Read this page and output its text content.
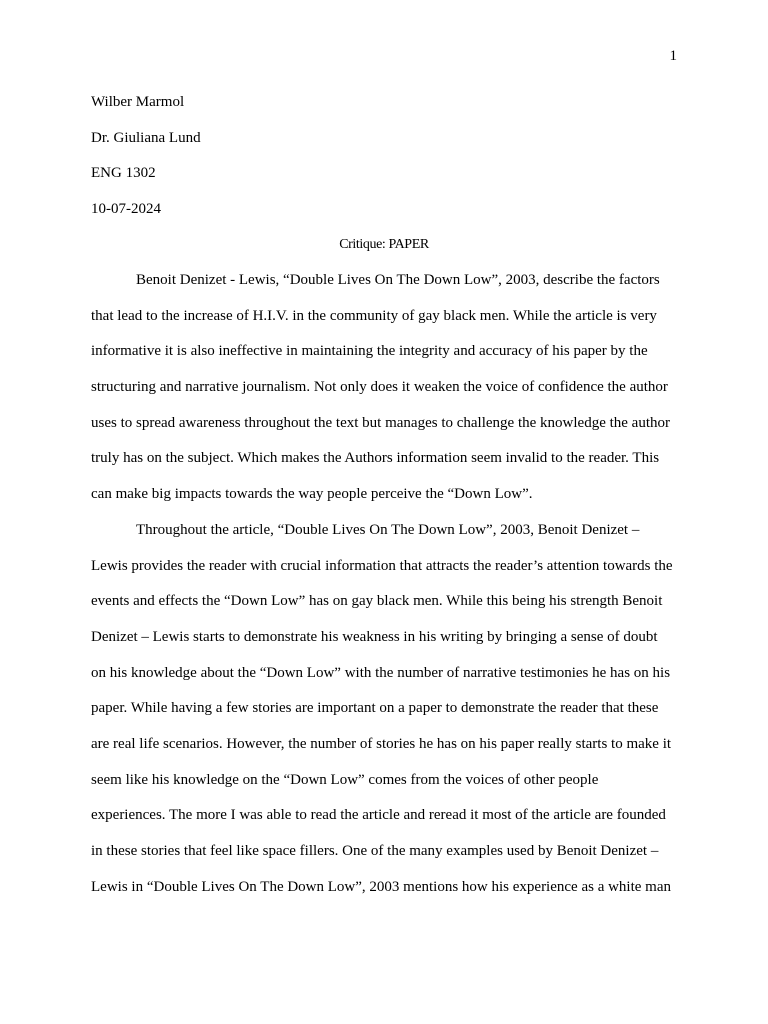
1
Wilber Marmol
Dr. Giuliana Lund
ENG 1302
10-07-2024
Critique: PAPER
Benoit Denizet - Lewis, “Double Lives On The Down Low”, 2003, describe the factors
that lead to the increase of H.I.V. in the community of gay black men. While the article is very
informative it is also ineffective in maintaining the integrity and accuracy of his paper by the
structuring and narrative journalism. Not only does it weaken the voice of confidence the author
uses to spread awareness throughout the text but manages to challenge the knowledge the author
truly has on the subject. Which makes the Authors information seem invalid to the reader. This
can make big impacts towards the way people perceive the “Down Low”.
Throughout the article, “Double Lives On The Down Low”, 2003, Benoit Denizet –
Lewis provides the reader with crucial information that attracts the reader’s attention towards the
events and effects the “Down Low” has on gay black men. While this being his strength Benoit
Denizet – Lewis starts to demonstrate his weakness in his writing by bringing a sense of doubt
on his knowledge about the “Down Low” with the number of narrative testimonies he has on his
paper. While having a few stories are important on a paper to demonstrate the reader that these
are real life scenarios. However, the number of stories he has on his paper really starts to make it
seem like his knowledge on the “Down Low” comes from the voices of other people
experiences. The more I was able to read the article and reread it most of the article are founded
in these stories that feel like space fillers. One of the many examples used by Benoit Denizet –
Lewis in “Double Lives On The Down Low”, 2003 mentions how his experience as a white man
